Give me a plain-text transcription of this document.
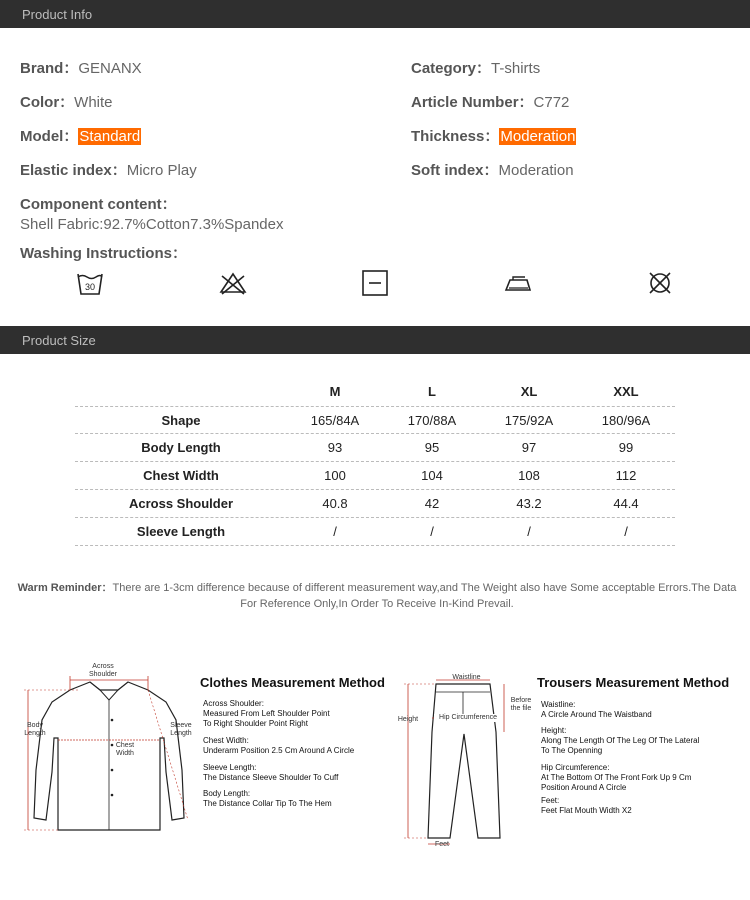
Product Info
Brand：GENANX	Category：T-shirts
Color：White	Article Number：C772
Model：Standard	Thickness：Moderation
Elastic index：Micro Play	Soft index：Moderation
Component content：
Shell Fabric:92.7%Cotton7.3%Spandex
Washing Instructions：
30
Product Size
M	L	XL	XXL
Shape	165/84A	170/88A	175/92A	180/96A
Body Length	93	95	97	99
Chest Width	100	104	108	112
Across Shoulder	40.8	42	43.2	44.4
Sleeve Length	/	/	/	/
Warm Reminder：There are 1-3cm difference because of different measurement way,and The Weight also have Some acceptable Errors.The Data For Reference Only,In Order To Receive In-Kind Prevail.
Across Shoulder
Body Length
Sleeve Length
Chest Width
Clothes Measurement Method
Across Shoulder:
Measured From Left Shoulder Point
To Right Shoulder Point Right
Chest Width:
Underarm Position 2.5 Cm Around A Circle
Sleeve Length:
The Distance Sleeve Shoulder To Cuff
Body Length:
The Distance Collar Tip To The Hem
Waistline
Before the file
Height	Hip Circumference
Feet
Trousers Measurement Method
Waistline:
A Circle Around The Waistband
Height:
Along The Length Of The Leg Of The Lateral
To The Openning
Hip Circumference:
At The Bottom Of The Front Fork Up 9 Cm
Position Around A Circle
Feet:
Feet Flat Mouth Width X2
